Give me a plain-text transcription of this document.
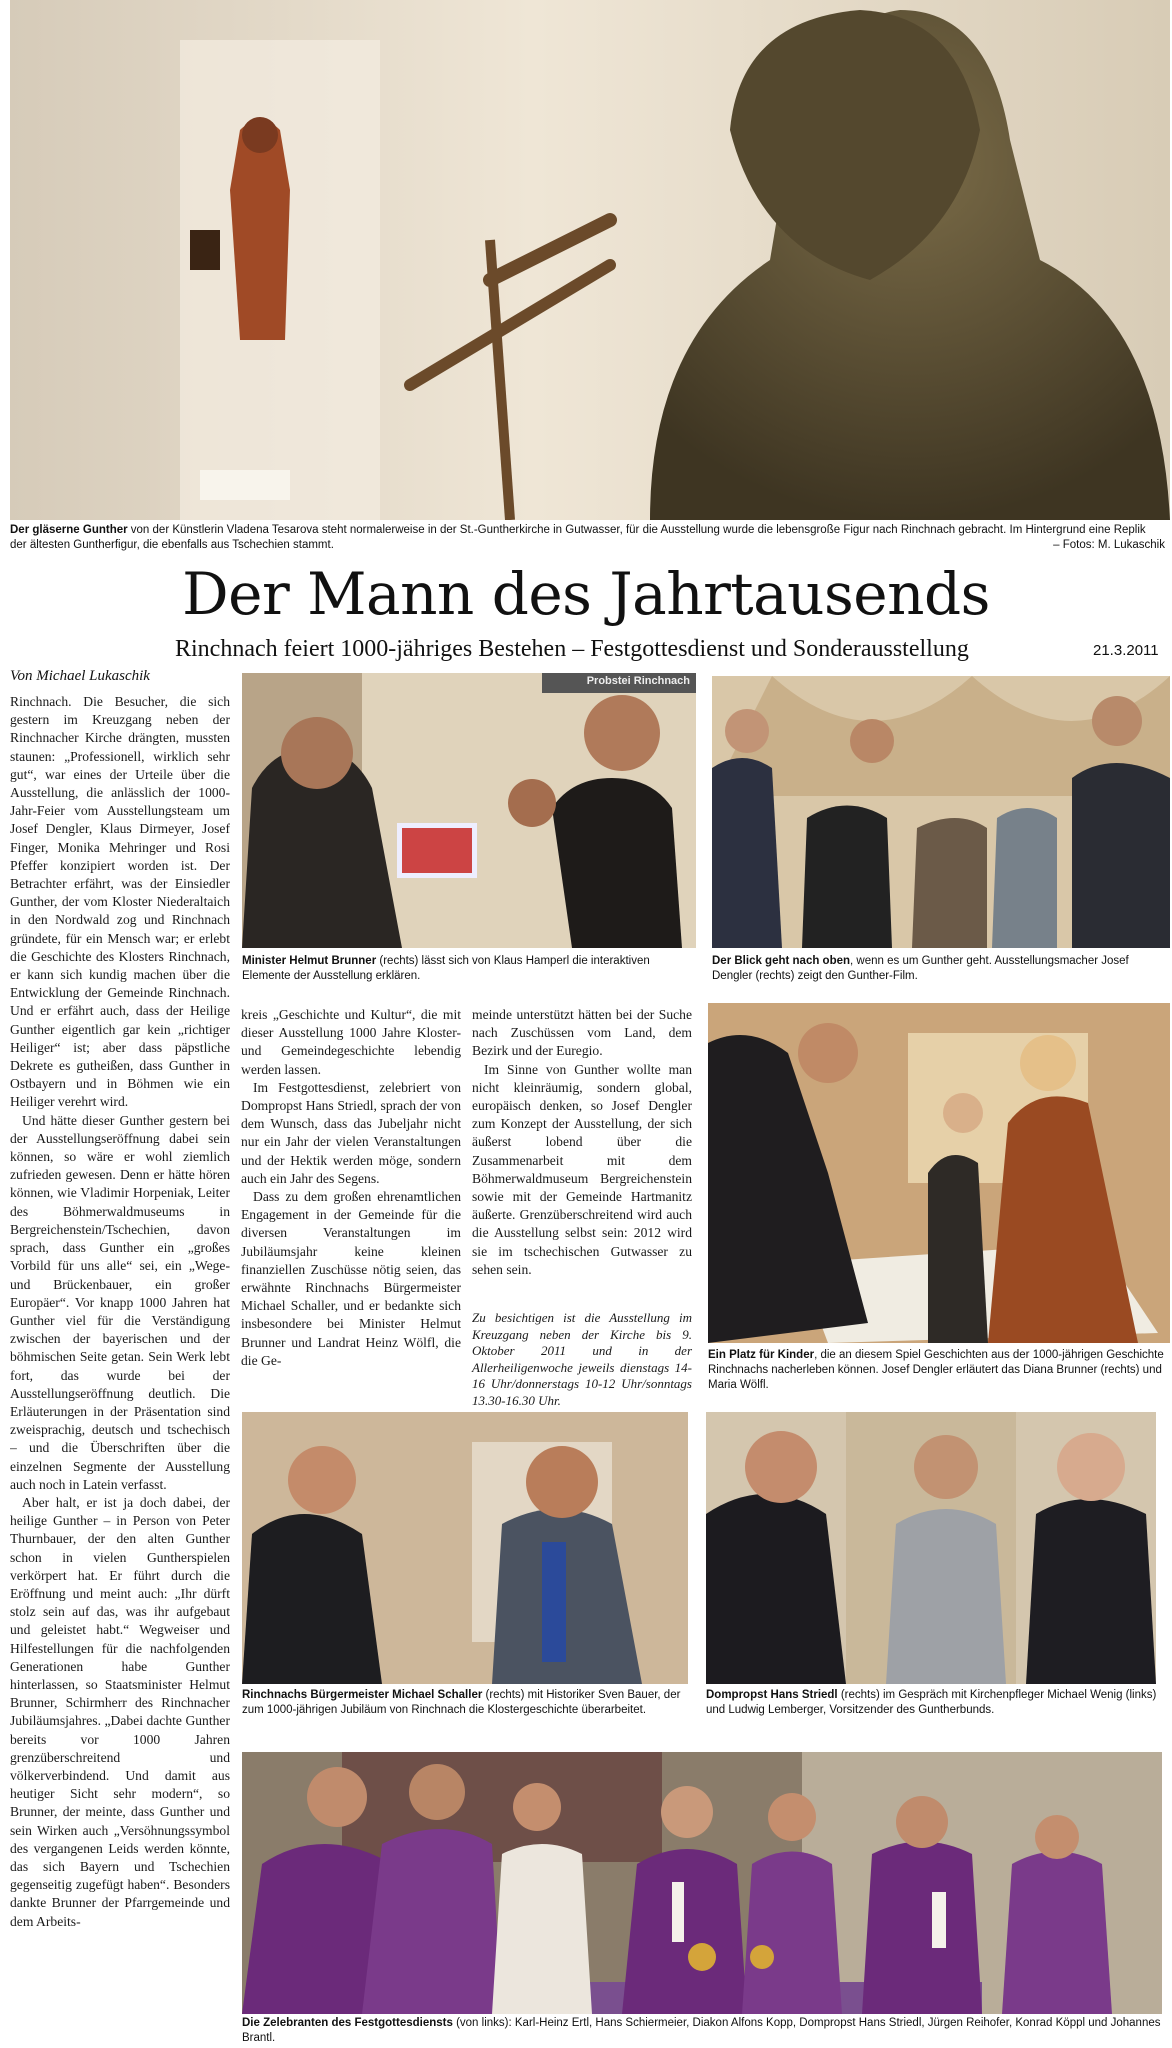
Der gläserne Gunther von der Künstlerin Vladena Tesarova steht normalerweise in der St.-Guntherkirche in Gutwasser, für die Ausstellung wurde die lebensgroße Figur nach Rinchnach gebracht. Im Hintergrund eine Replik der ältesten Guntherfigur, die ebenfalls aus Tschechien stammt.	– Fotos: M. Lukaschik
Der Mann des Jahrtausends
Rinchnach feiert 1000-jähriges Bestehen – Festgottesdienst und Sonderausstellung	21.3.2011
Von Michael Lukaschik

Rinchnach. Die Besucher, die sich gestern im Kreuzgang neben der Rinchnacher Kirche drängten, mussten staunen: „Professionell, wirklich sehr gut“, war eines der Urteile über die Ausstellung, die anlässlich der 1000-Jahr-Feier vom Ausstellungsteam um Josef Dengler, Klaus Dirmeyer, Josef Finger, Monika Mehringer und Rosi Pfeffer konzipiert worden ist. Der Betrachter erfährt, was der Einsiedler Gunther, der vom Kloster Niederaltaich in den Nordwald zog und Rinchnach gründete, für ein Mensch war; er erlebt die Geschichte des Klosters Rinchnach, er kann sich kundig machen über die Entwicklung der Gemeinde Rinchnach. Und er erfährt auch, dass der Heilige Gunther eigentlich gar kein „richtiger Heiliger“ ist; aber dass päpstliche Dekrete es gutheißen, dass Gunther in Ostbayern und in Böhmen wie ein Heiliger verehrt wird.

Und hätte dieser Gunther gestern bei der Ausstellungseröffnung dabei sein können, so wäre er wohl ziemlich zufrieden gewesen. Denn er hätte hören können, wie Vladimir Horpeniak, Leiter des Böhmerwaldmuseums in Bergreichenstein/Tschechien, davon sprach, dass Gunther ein „großes Vorbild für uns alle“ sei, ein „Wege- und Brückenbauer, ein großer Europäer“. Vor knapp 1000 Jahren hat Gunther viel für die Verständigung zwischen der bayerischen und der böhmischen Seite getan. Sein Werk lebt fort, das wurde bei der Ausstellungseröffnung deutlich. Die Erläuterungen in der Präsentation sind zweisprachig, deutsch und tschechisch – und die Überschriften über die einzelnen Segmente der Ausstellung auch noch in Latein verfasst.

Aber halt, er ist ja doch dabei, der heilige Gunther – in Person von Peter Thurnbauer, der den alten Gunther schon in vielen Guntherspielen verkörpert hat. Er führt durch die Eröffnung und meint auch: „Ihr dürft stolz sein auf das, was ihr aufgebaut und geleistet habt.“ Wegweiser und Hilfestellungen für die nachfolgenden Generationen habe Gunther hinterlassen, so Staatsminister Helmut Brunner, Schirmherr des Rinchnacher Jubiläumsjahres. „Dabei dachte Gunther bereits vor 1000 Jahren grenzüberschreitend und völkerverbindend. Und damit aus heutiger Sicht sehr modern“, so Brunner, der meinte, dass Gunther und sein Wirken auch „Versöhnungssymbol des vergangenen Leids werden könnte, das sich Bayern und Tschechien gegenseitig zugefügt haben“. Besonders dankte Brunner der Pfarrgemeinde und dem Arbeits-

Probstei Rinchnach
Minister Helmut Brunner (rechts) lässt sich von Klaus Hamperl die interaktiven Elemente der Ausstellung erklären.
Der Blick geht nach oben, wenn es um Gunther geht. Ausstellungsmacher Josef Dengler (rechts) zeigt den Gunther-Film.

kreis „Geschichte und Kultur“, die mit dieser Ausstellung 1000 Jahre Kloster- und Gemeindegeschichte lebendig werden lassen.

Im Festgottesdienst, zelebriert von Dompropst Hans Striedl, sprach der von dem Wunsch, dass das Jubeljahr nicht nur ein Jahr der vielen Veranstaltungen und der Hektik werden möge, sondern auch ein Jahr des Segens.

Dass zu dem großen ehrenamtlichen Engagement in der Gemeinde für die diversen Veranstaltungen im Jubiläumsjahr keine kleinen finanziellen Zuschüsse nötig seien, das erwähnte Rinchnachs Bürgermeister Michael Schaller, und er bedankte sich insbesondere bei Minister Helmut Brunner und Landrat Heinz Wölfl, die die Ge-

meinde unterstützt hätten bei der Suche nach Zuschüssen vom Land, dem Bezirk und der Euregio.

Im Sinne von Gunther wollte man nicht kleinräumig, sondern global, europäisch denken, so Josef Dengler zum Konzept der Ausstellung, der sich äußerst lobend über die Zusammenarbeit mit dem Böhmerwaldmuseum Bergreichenstein sowie mit der Gemeinde Hartmanitz äußerte. Grenzüberschreitend wird auch die Ausstellung selbst sein: 2012 wird sie im tschechischen Gutwasser zu sehen sein.

Zu besichtigen ist die Ausstellung im Kreuzgang neben der Kirche bis 9. Oktober 2011 und in der Allerheiligenwoche jeweils dienstags 14-16 Uhr/donnerstags 10-12 Uhr/sonntags 13.30-16.30 Uhr.

Ein Platz für Kinder, die an diesem Spiel Geschichten aus der 1000-jährigen Geschichte Rinchnachs nacherleben können. Josef Dengler erläutert das Diana Brunner (rechts) und Maria Wölfl.
Rinchnachs Bürgermeister Michael Schaller (rechts) mit Historiker Sven Bauer, der zum 1000-jährigen Jubiläum von Rinchnach die Klostergeschichte überarbeitet.
Dompropst Hans Striedl (rechts) im Gespräch mit Kirchenpfleger Michael Wenig (links) und Ludwig Lemberger, Vorsitzender des Guntherbunds.
Die Zelebranten des Festgottesdiensts (von links): Karl-Heinz Ertl, Hans Schiermeier, Diakon Alfons Kopp, Dompropst Hans Striedl, Jürgen Reihofer, Konrad Köppl und Johannes Brantl.
